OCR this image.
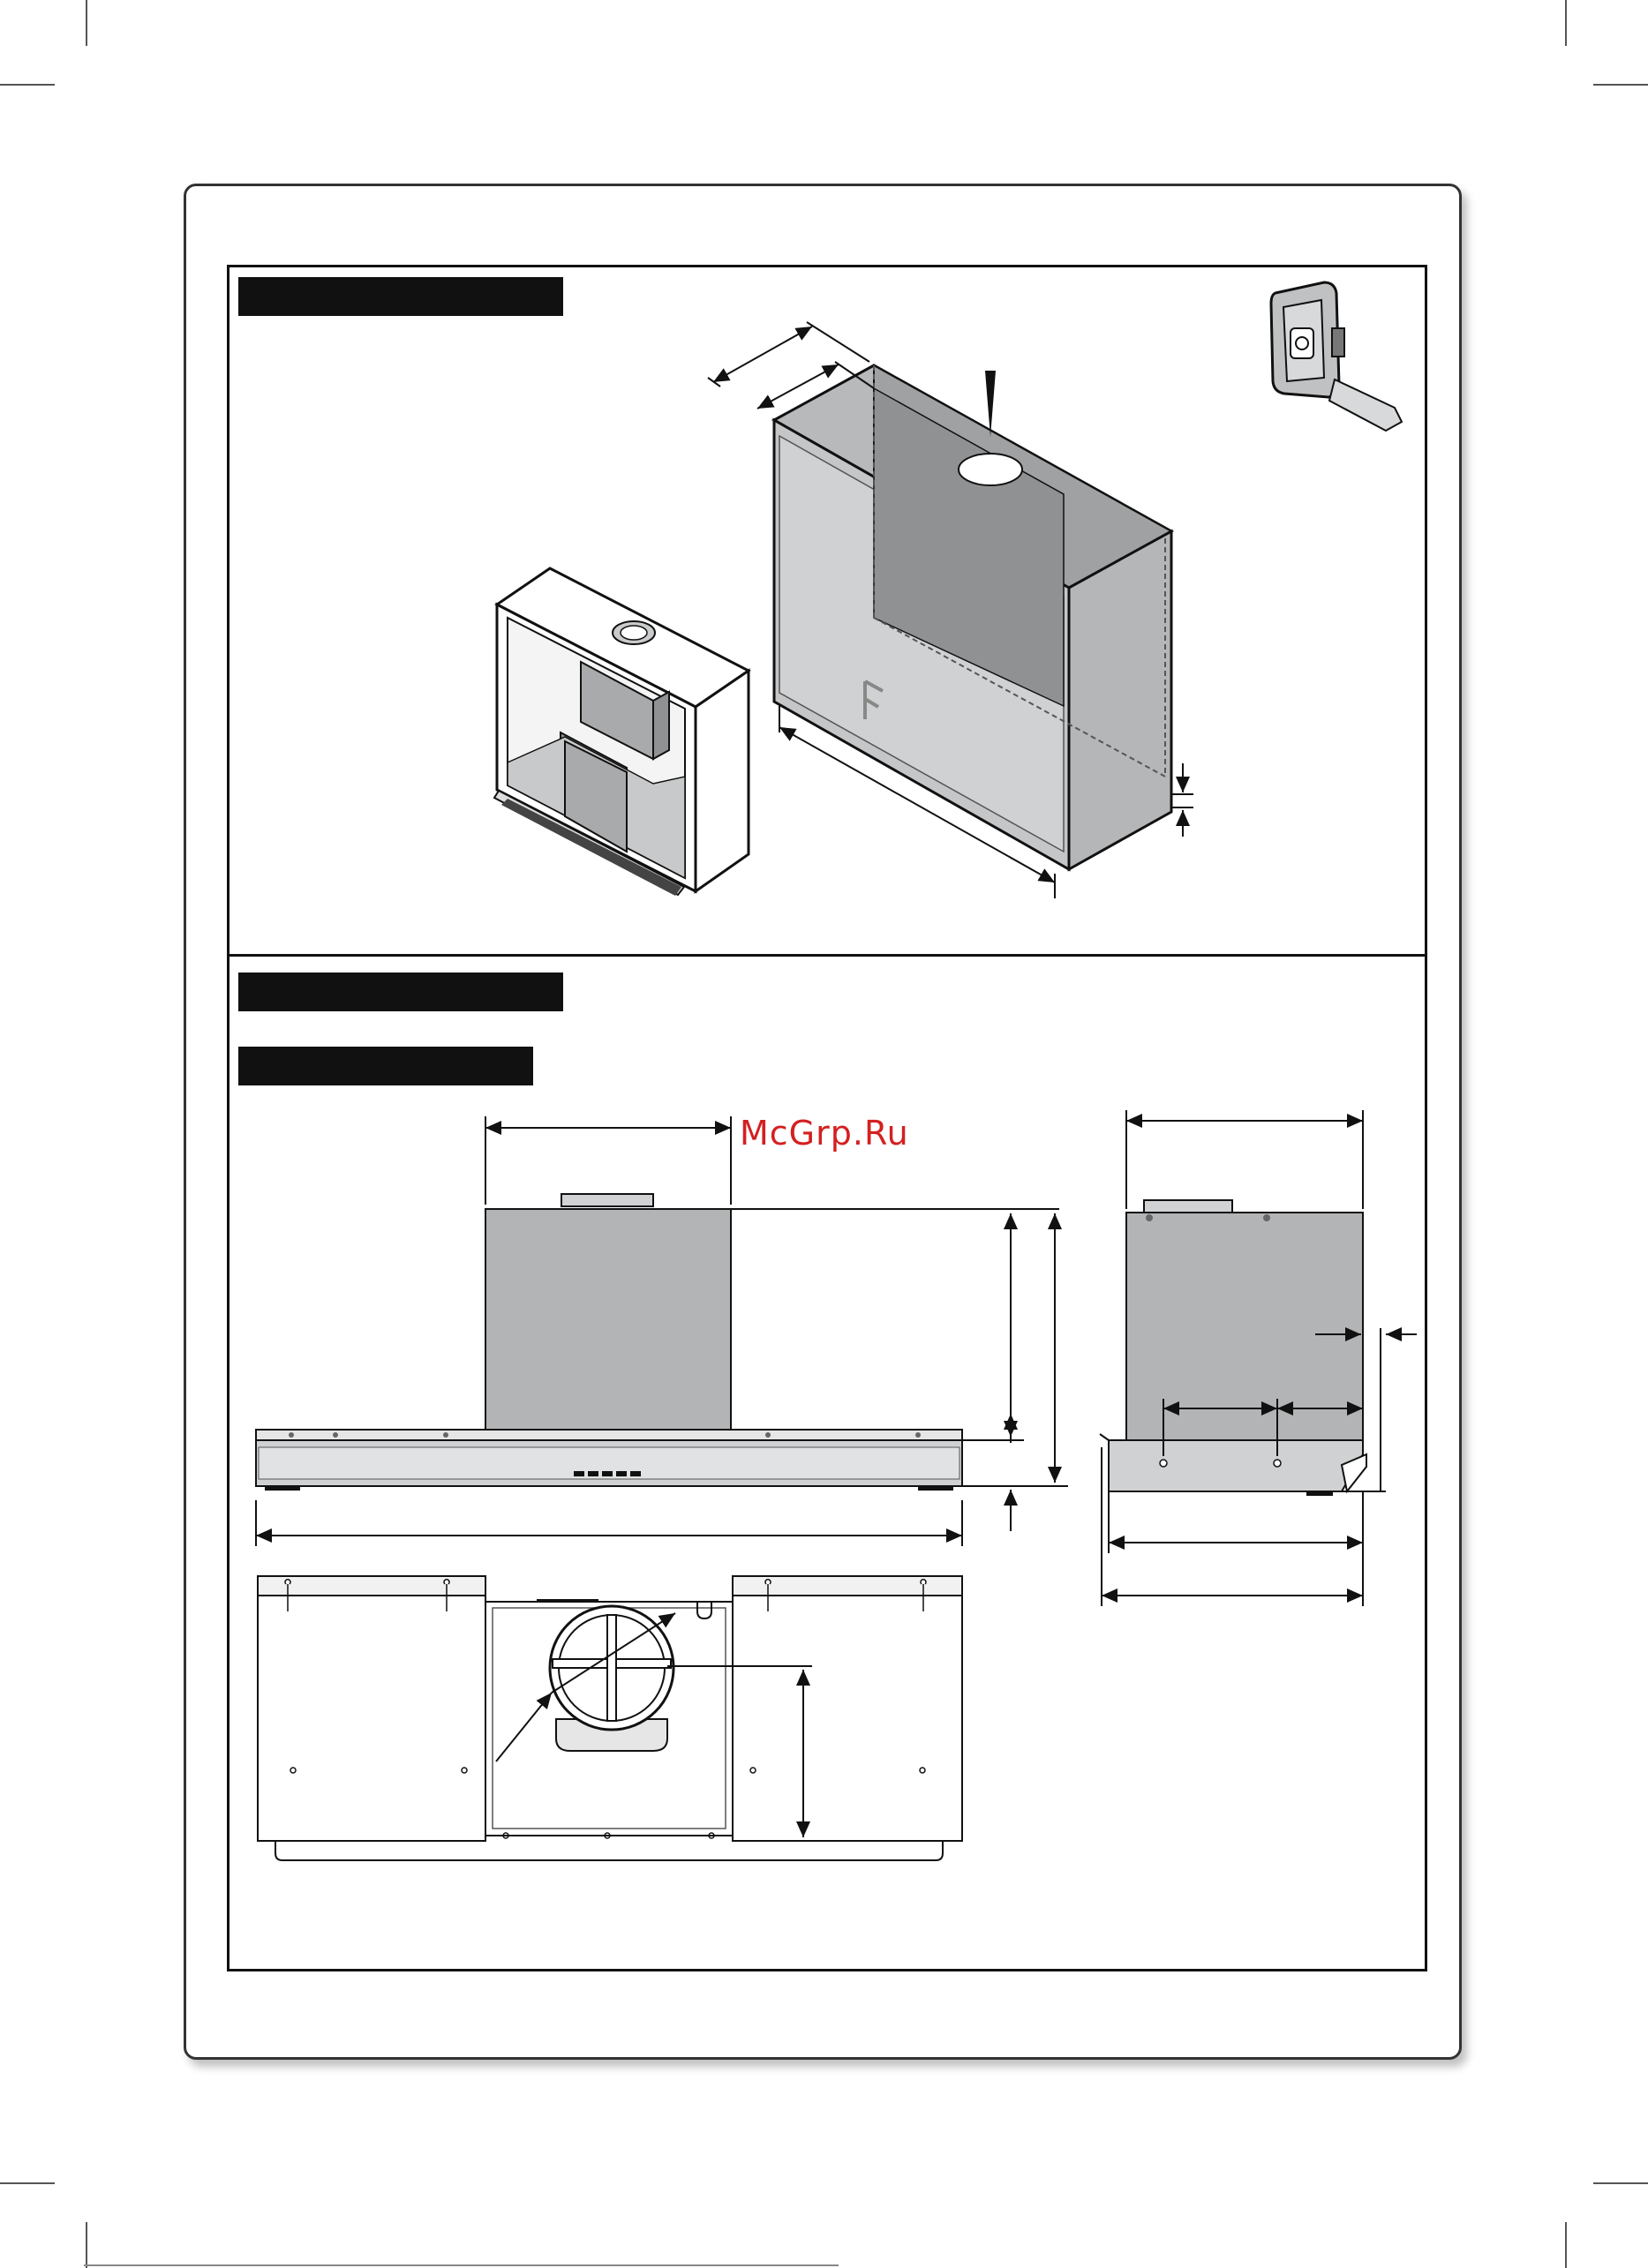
F
McGrp.Ru
